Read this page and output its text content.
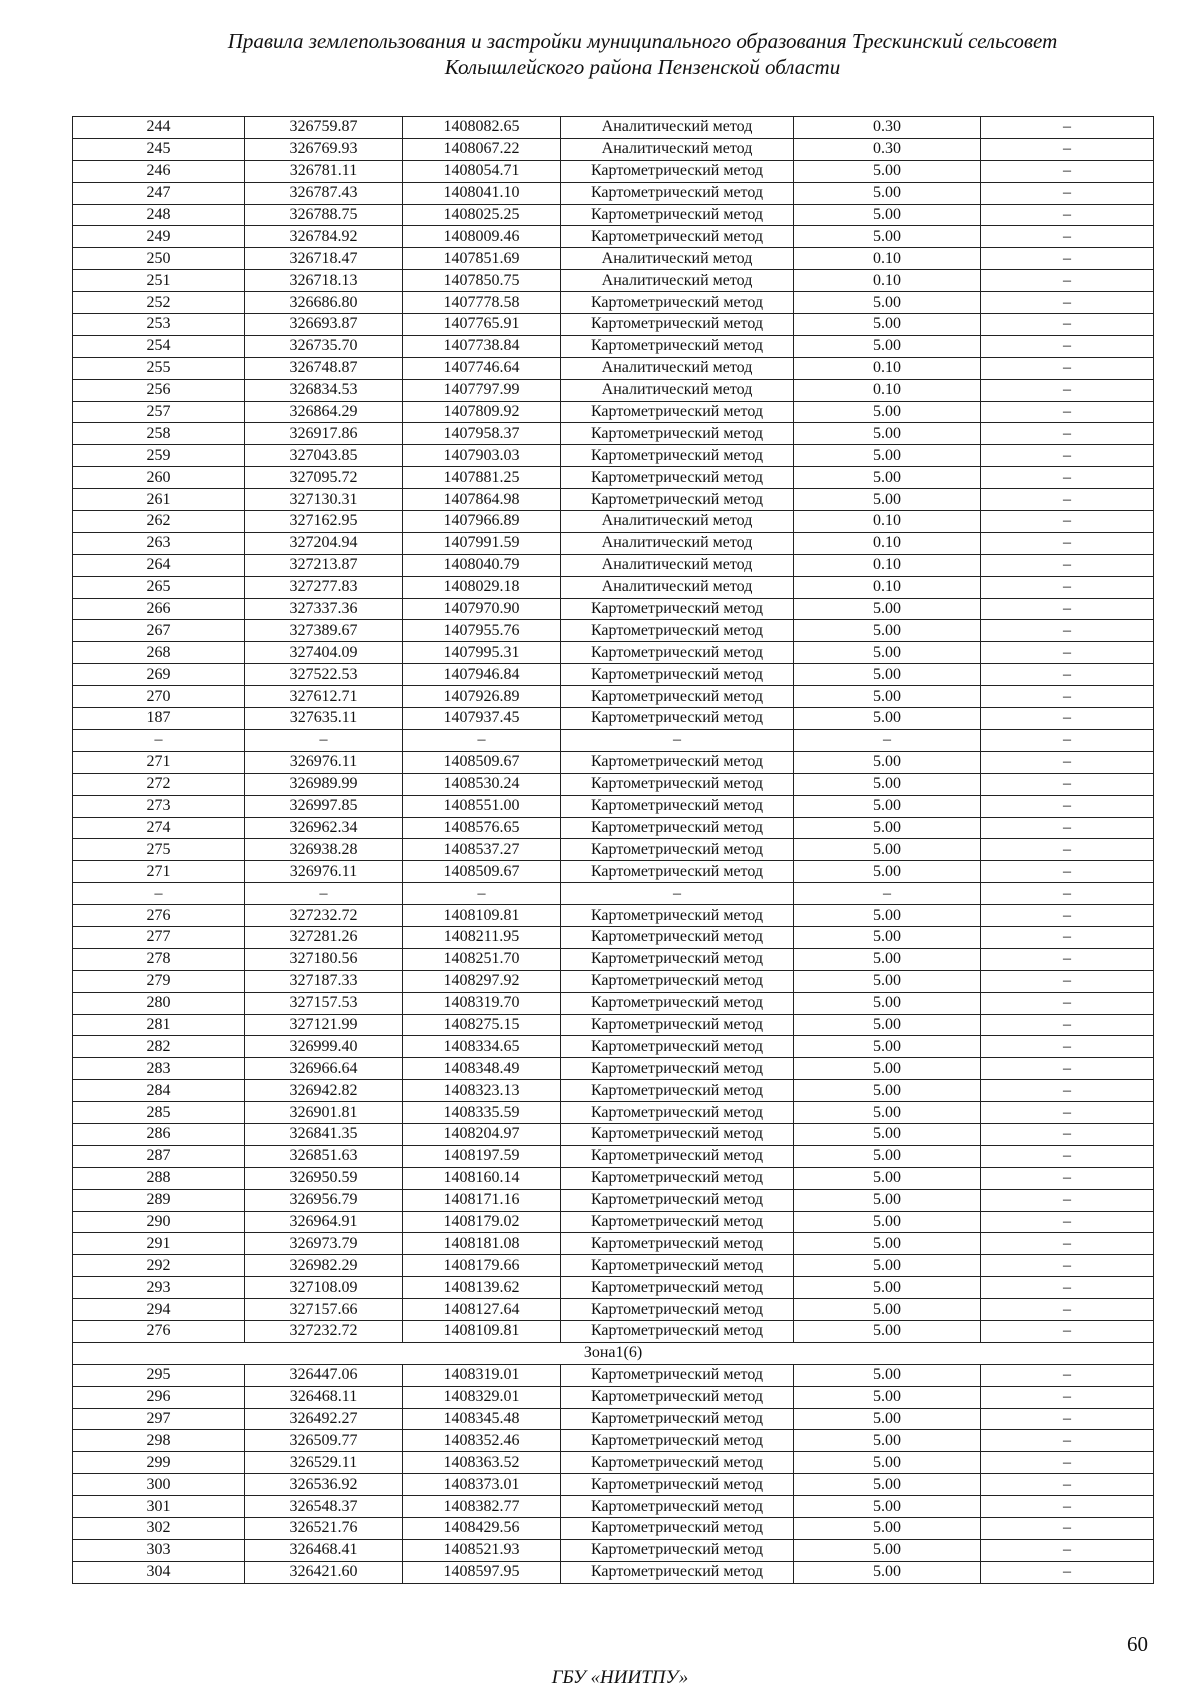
Правила землепользования и застройки муниципального образования Трескинский сельсовет
Колышлейского района Пензенской области
244	326759.87	1408082.65	Аналитический метод	0.30	–
245	326769.93	1408067.22	Аналитический метод	0.30	–
246	326781.11	1408054.71	Картометрический метод	5.00	–
247	326787.43	1408041.10	Картометрический метод	5.00	–
248	326788.75	1408025.25	Картометрический метод	5.00	–
249	326784.92	1408009.46	Картометрический метод	5.00	–
250	326718.47	1407851.69	Аналитический метод	0.10	–
251	326718.13	1407850.75	Аналитический метод	0.10	–
252	326686.80	1407778.58	Картометрический метод	5.00	–
253	326693.87	1407765.91	Картометрический метод	5.00	–
254	326735.70	1407738.84	Картометрический метод	5.00	–
255	326748.87	1407746.64	Аналитический метод	0.10	–
256	326834.53	1407797.99	Аналитический метод	0.10	–
257	326864.29	1407809.92	Картометрический метод	5.00	–
258	326917.86	1407958.37	Картометрический метод	5.00	–
259	327043.85	1407903.03	Картометрический метод	5.00	–
260	327095.72	1407881.25	Картометрический метод	5.00	–
261	327130.31	1407864.98	Картометрический метод	5.00	–
262	327162.95	1407966.89	Аналитический метод	0.10	–
263	327204.94	1407991.59	Аналитический метод	0.10	–
264	327213.87	1408040.79	Аналитический метод	0.10	–
265	327277.83	1408029.18	Аналитический метод	0.10	–
266	327337.36	1407970.90	Картометрический метод	5.00	–
267	327389.67	1407955.76	Картометрический метод	5.00	–
268	327404.09	1407995.31	Картометрический метод	5.00	–
269	327522.53	1407946.84	Картометрический метод	5.00	–
270	327612.71	1407926.89	Картометрический метод	5.00	–
187	327635.11	1407937.45	Картометрический метод	5.00	–
–	–	–	–	–	–
271	326976.11	1408509.67	Картометрический метод	5.00	–
272	326989.99	1408530.24	Картометрический метод	5.00	–
273	326997.85	1408551.00	Картометрический метод	5.00	–
274	326962.34	1408576.65	Картометрический метод	5.00	–
275	326938.28	1408537.27	Картометрический метод	5.00	–
271	326976.11	1408509.67	Картометрический метод	5.00	–
–	–	–	–	–	–
276	327232.72	1408109.81	Картометрический метод	5.00	–
277	327281.26	1408211.95	Картометрический метод	5.00	–
278	327180.56	1408251.70	Картометрический метод	5.00	–
279	327187.33	1408297.92	Картометрический метод	5.00	–
280	327157.53	1408319.70	Картометрический метод	5.00	–
281	327121.99	1408275.15	Картометрический метод	5.00	–
282	326999.40	1408334.65	Картометрический метод	5.00	–
283	326966.64	1408348.49	Картометрический метод	5.00	–
284	326942.82	1408323.13	Картометрический метод	5.00	–
285	326901.81	1408335.59	Картометрический метод	5.00	–
286	326841.35	1408204.97	Картометрический метод	5.00	–
287	326851.63	1408197.59	Картометрический метод	5.00	–
288	326950.59	1408160.14	Картометрический метод	5.00	–
289	326956.79	1408171.16	Картометрический метод	5.00	–
290	326964.91	1408179.02	Картометрический метод	5.00	–
291	326973.79	1408181.08	Картометрический метод	5.00	–
292	326982.29	1408179.66	Картометрический метод	5.00	–
293	327108.09	1408139.62	Картометрический метод	5.00	–
294	327157.66	1408127.64	Картометрический метод	5.00	–
276	327232.72	1408109.81	Картометрический метод	5.00	–
Зона1(6)					
295	326447.06	1408319.01	Картометрический метод	5.00	–
296	326468.11	1408329.01	Картометрический метод	5.00	–
297	326492.27	1408345.48	Картометрический метод	5.00	–
298	326509.77	1408352.46	Картометрический метод	5.00	–
299	326529.11	1408363.52	Картометрический метод	5.00	–
300	326536.92	1408373.01	Картометрический метод	5.00	–
301	326548.37	1408382.77	Картометрический метод	5.00	–
302	326521.76	1408429.56	Картометрический метод	5.00	–
303	326468.41	1408521.93	Картометрический метод	5.00	–
304	326421.60	1408597.95	Картометрический метод	5.00	–
60
ГБУ «НИИТПУ»
